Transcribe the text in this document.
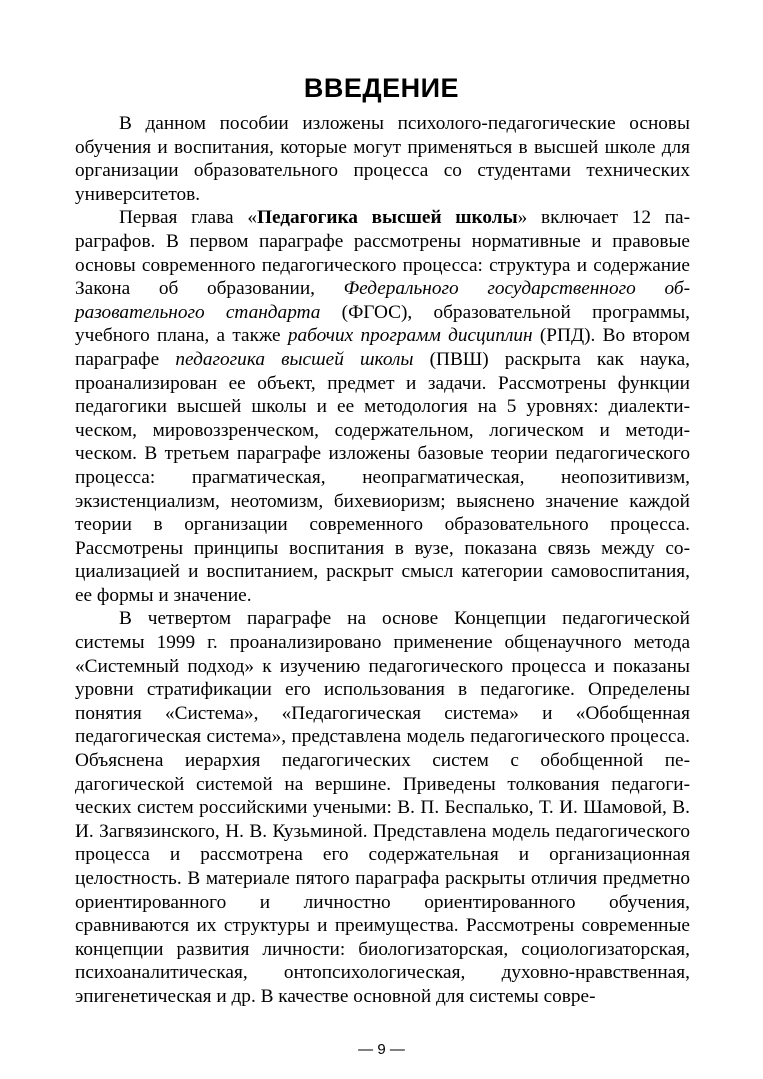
ВВЕДЕНИЕ

В данном пособии изложены психолого-педагогические основы обучения и воспитания, которые могут применяться в высшей школе для организации образовательного процесса со студентами технических университетов.

Первая глава «Педагогика высшей школы» включает 12 параграфов. В первом параграфе рассмотрены нормативные и правовые основы современного педагогического процесса: структура и содержание Закона об образовании, Федерального государственного образовательного стандарта (ФГОС), образовательной программы, учебного плана, а также рабочих программ дисциплин (РПД). Во втором параграфе педагогика высшей школы (ПВШ) раскрыта как наука, проанализирован ее объект, предмет и задачи. Рассмотрены функции педагогики высшей школы и ее методология на 5 уровнях: диалектическом, мировоззренческом, содержательном, логическом и методическом. В третьем параграфе изложены базовые теории педагогического процесса: прагматическая, неопрагматическая, неопозитивизм, экзистенциализм, неотомизм, бихевиоризм; выяснено значение каждой теории в организации современного образовательного процесса. Рассмотрены принципы воспитания в вузе, показана связь между социализацией и воспитанием, раскрыт смысл категории самовоспитания, ее формы и значение.

В четвертом параграфе на основе Концепции педагогической системы 1999 г. проанализировано применение общенаучного метода «Системный подход» к изучению педагогического процесса и показаны уровни стратификации его использования в педагогике. Определены понятия «Система», «Педагогическая система» и «Обобщенная педагогическая система», представлена модель педагогического процесса. Объяснена иерархия педагогических систем с обобщенной педагогической системой на вершине. Приведены толкования педагогических систем российскими учеными: В. П. Беспалько, Т. И. Шамовой, В. И. Загвязинского, Н. В. Кузьминой. Представлена модель педагогического процесса и рассмотрена его содержательная и организационная целостность. В материале пятого параграфа раскрыты отличия предметно ориентированного и личностно ориентированного обучения, сравниваются их структуры и преимущества. Рассмотрены современные концепции развития личности: биологизаторская, социологизаторская, психоаналитическая, онтопсихологическая, духовно-нравственная, эпигенетическая и др. В качестве основной для системы совре-

— 9 —
